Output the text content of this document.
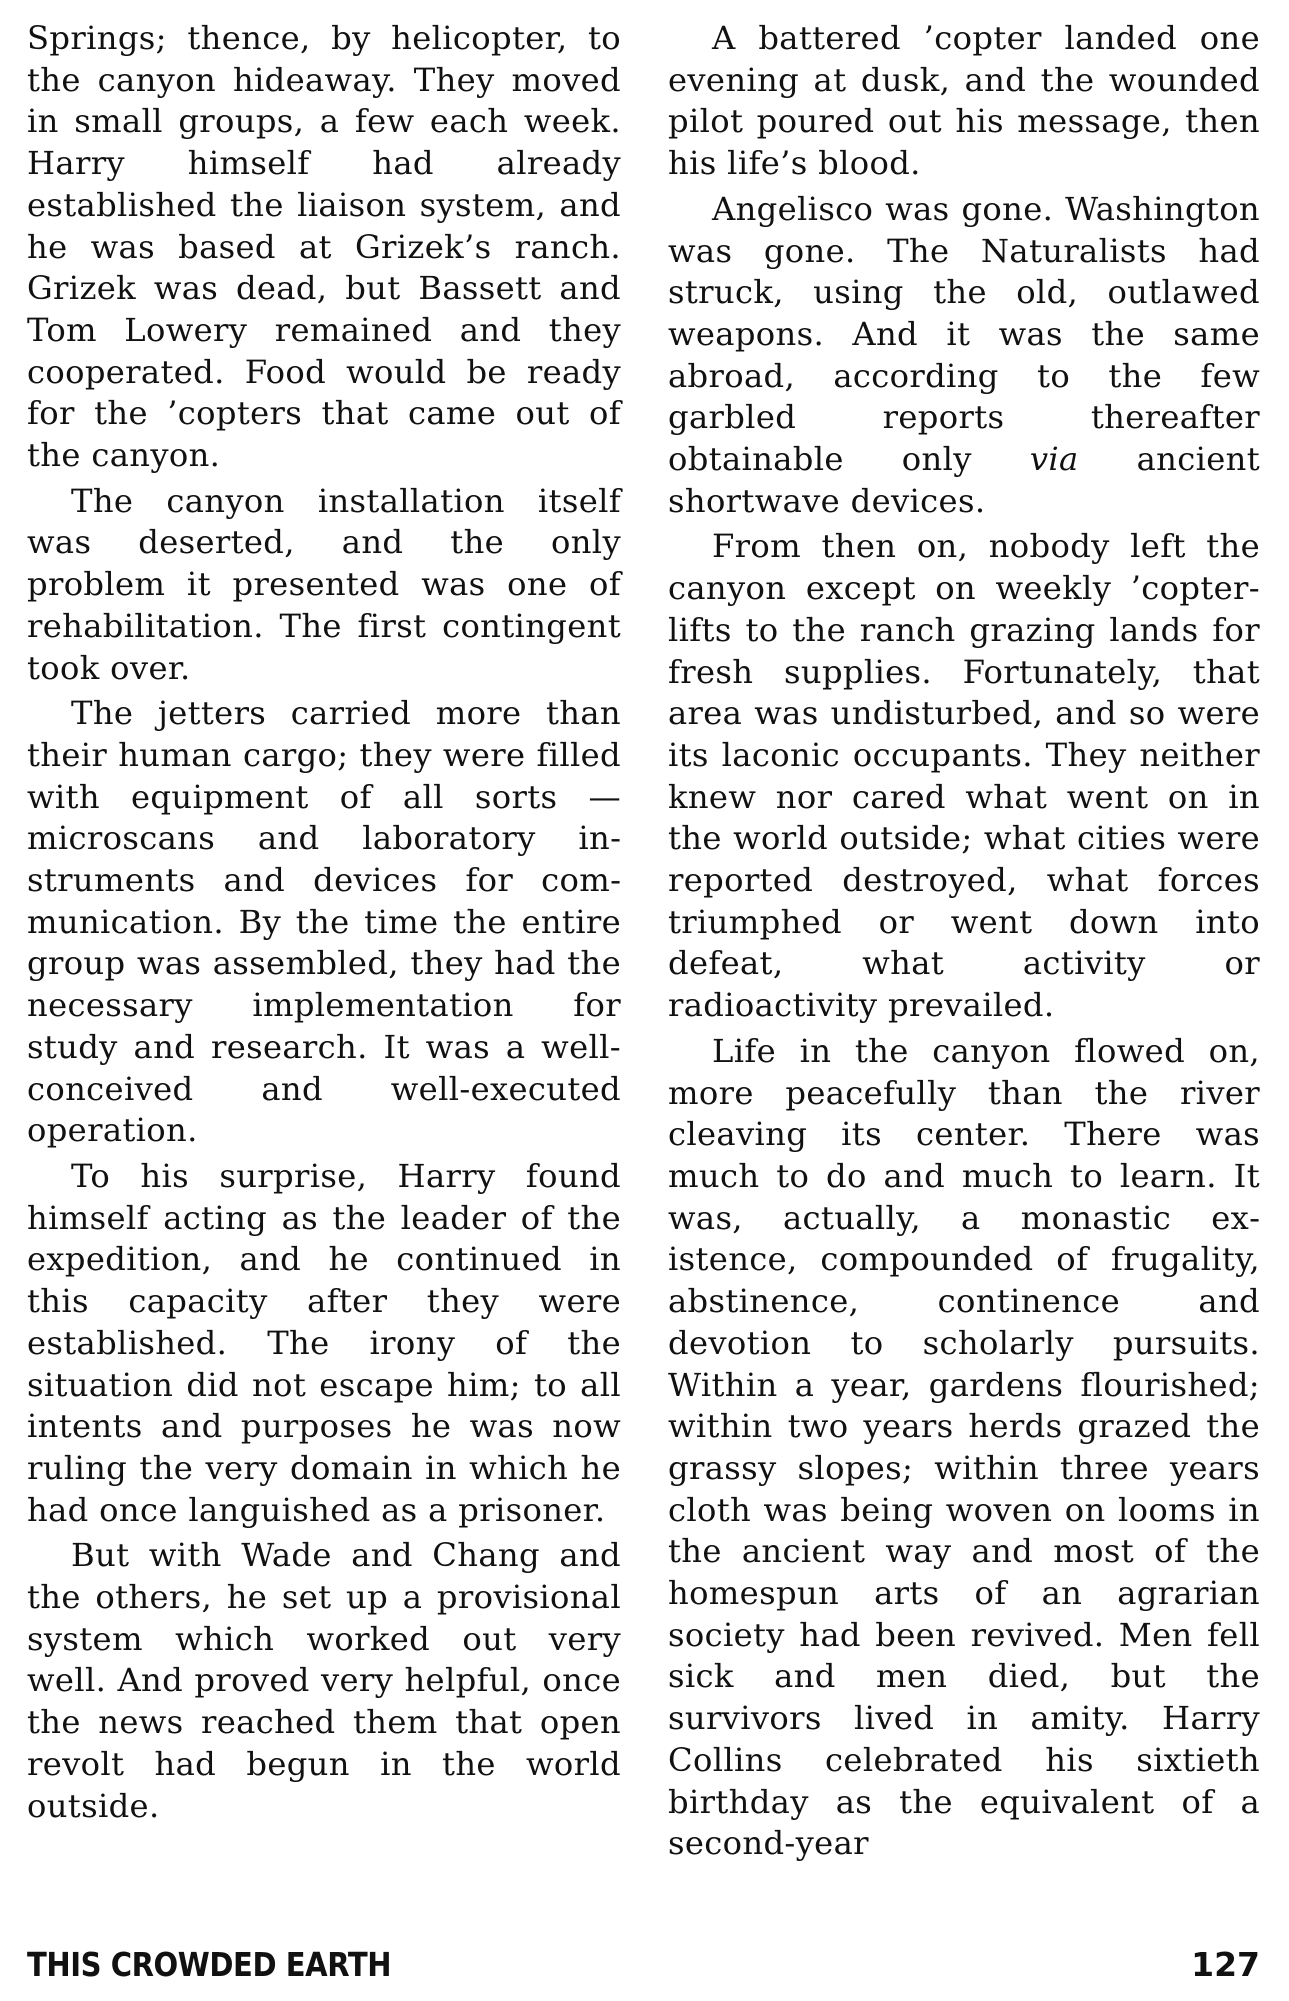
Springs; thence, by helicopter, to the canyon hideaway. They moved in small groups, a few each week. Harry himself had already established the liaison system, and he was based at Grizek’s ranch. Grizek was dead, but Bassett and Tom Lowery remained and they cooperated. Food would be ready for the ’copters that came out of the canyon.

The canyon installation itself was deserted, and the only problem it presented was one of rehabilitation. The first contingent took over.

The jetters carried more than their human cargo; they were filled with equipment of all sorts —microscans and laboratory instruments and devices for communication. By the time the entire group was assembled, they had the necessary implementation for study and research. It was a well-conceived and well-executed operation.

To his surprise, Harry found himself acting as the leader of the expedition, and he continued in this capacity after they were established. The irony of the situation did not escape him; to all intents and purposes he was now ruling the very domain in which he had once languished as a prisoner.

But with Wade and Chang and the others, he set up a provisional system which worked out very well. And proved very helpful, once the news reached them that open revolt had begun in the world outside.

A battered ’copter landed one evening at dusk, and the wounded pilot poured out his message, then his life’s blood.

Angelisco was gone. Washington was gone. The Naturalists had struck, using the old, outlawed weapons. And it was the same abroad, according to the few garbled reports thereafter obtainable only via ancient shortwave devices.

From then on, nobody left the canyon except on weekly ’copter-lifts to the ranch grazing lands for fresh supplies. Fortunately, that area was undisturbed, and so were its laconic occupants. They neither knew nor cared what went on in the world outside; what cities were reported destroyed, what forces triumphed or went down into defeat, what activity or radioactivity prevailed.

Life in the canyon flowed on, more peacefully than the river cleaving its center. There was much to do and much to learn. It was, actually, a monastic existence, compounded of frugality, abstinence, continence and devotion to scholarly pursuits. Within a year, gardens flourished; within two years herds grazed the grassy slopes; within three years cloth was being woven on looms in the ancient way and most of the homespun arts of an agrarian society had been revived. Men fell sick and men died, but the survivors lived in amity. Harry Collins celebrated his sixtieth birthday as the equivalent of a second-year

THIS CROWDED EARTH	127
